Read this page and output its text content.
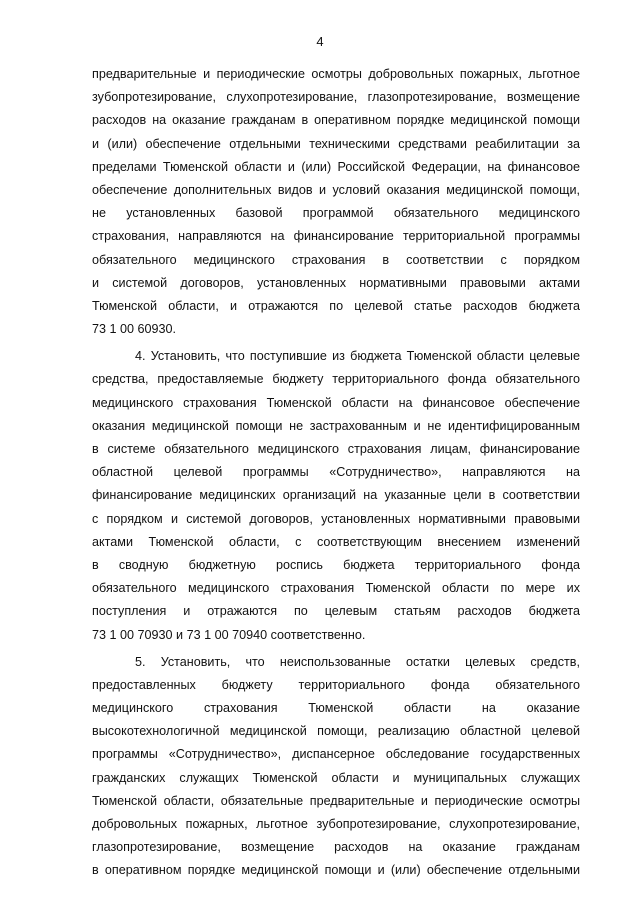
4
предварительные и периодические осмотры добровольных пожарных, льготное
зубопротезирование, слухопротезирование, глазопротезирование, возмещение
расходов на оказание гражданам в оперативном порядке медицинской помощи
и (или) обеспечение отдельными техническими средствами реабилитации за
пределами Тюменской области и (или) Российской Федерации, на финансовое
обеспечение дополнительных видов и условий оказания медицинской помощи,
не установленных базовой программой обязательного медицинского
страхования, направляются на финансирование территориальной программы
обязательного медицинского страхования в соответствии с порядком
и системой договоров, установленных нормативными правовыми актами
Тюменской области, и отражаются по целевой статье расходов бюджета
73 1 00 60930.
4. Установить, что поступившие из бюджета Тюменской области целевые
средства, предоставляемые бюджету территориального фонда обязательного
медицинского страхования Тюменской области на финансовое обеспечение
оказания медицинской помощи не застрахованным и не идентифицированным
в системе обязательного медицинского страхования лицам, финансирование
областной целевой программы «Сотрудничество», направляются на
финансирование медицинских организаций на указанные цели в соответствии
с порядком и системой договоров, установленных нормативными правовыми
актами Тюменской области, с соответствующим внесением изменений
в сводную бюджетную роспись бюджета территориального фонда
обязательного медицинского страхования Тюменской области по мере их
поступления и отражаются по целевым статьям расходов бюджета
73 1 00 70930 и 73 1 00 70940 соответственно.
5. Установить, что неиспользованные остатки целевых средств,
предоставленных бюджету территориального фонда обязательного
медицинского страхования Тюменской области на оказание
высокотехнологичной медицинской помощи, реализацию областной целевой
программы «Сотрудничество», диспансерное обследование государственных
гражданских служащих Тюменской области и муниципальных служащих
Тюменской области, обязательные предварительные и периодические осмотры
добровольных пожарных, льготное зубопротезирование, слухопротезирование,
глазопротезирование, возмещение расходов на оказание гражданам
в оперативном порядке медицинской помощи и (или) обеспечение отдельными
